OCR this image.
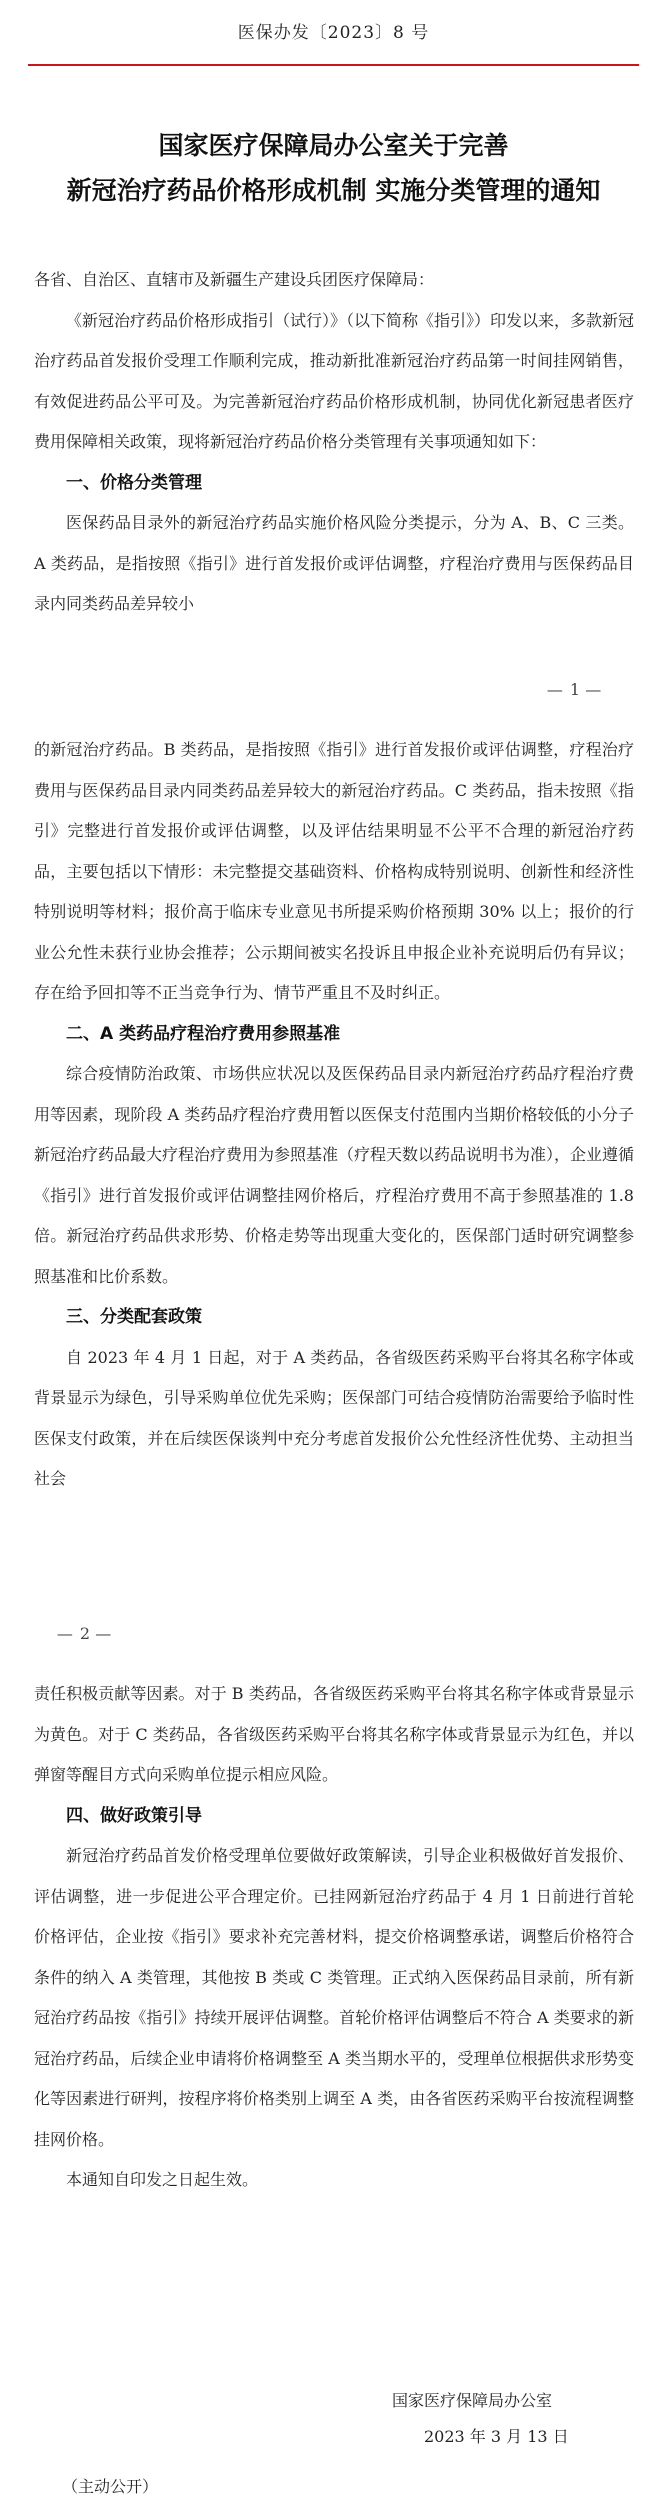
医保办发〔2023〕8 号
国家医疗保障局办公室关于完善
新冠治疗药品价格形成机制 实施分类管理的通知

各省、自治区、直辖市及新疆生产建设兵团医疗保障局：

《新冠治疗药品价格形成指引（试行）》（以下简称《指引》）印发以来，多款新冠治疗药品首发报价受理工作顺利完成，推动新批准新冠治疗药品第一时间挂网销售，有效促进药品公平可及。为完善新冠治疗药品价格形成机制，协同优化新冠患者医疗费用保障相关政策，现将新冠治疗药品价格分类管理有关事项通知如下：

一、价格分类管理

医保药品目录外的新冠治疗药品实施价格风险分类提示，分为 A、B、C 三类。A 类药品，是指按照《指引》进行首发报价或评估调整，疗程治疗费用与医保药品目录内同类药品差异较小

— 1 —

的新冠治疗药品。B 类药品，是指按照《指引》进行首发报价或评估调整，疗程治疗费用与医保药品目录内同类药品差异较大的新冠治疗药品。C 类药品，指未按照《指引》完整进行首发报价或评估调整，以及评估结果明显不公平不合理的新冠治疗药品，主要包括以下情形：未完整提交基础资料、价格构成特别说明、创新性和经济性特别说明等材料；报价高于临床专业意见书所提采购价格预期 30% 以上；报价的行业公允性未获行业协会推荐；公示期间被实名投诉且申报企业补充说明后仍有异议；存在给予回扣等不正当竞争行为、情节严重且不及时纠正。

二、A 类药品疗程治疗费用参照基准

综合疫情防治政策、市场供应状况以及医保药品目录内新冠治疗药品疗程治疗费用等因素，现阶段 A 类药品疗程治疗费用暂以医保支付范围内当期价格较低的小分子新冠治疗药品最大疗程治疗费用为参照基准（疗程天数以药品说明书为准），企业遵循《指引》进行首发报价或评估调整挂网价格后，疗程治疗费用不高于参照基准的 1.8 倍。新冠治疗药品供求形势、价格走势等出现重大变化的，医保部门适时研究调整参照基准和比价系数。

三、分类配套政策

自 2023 年 4 月 1 日起，对于 A 类药品，各省级医药采购平台将其名称字体或背景显示为绿色，引导采购单位优先采购；医保部门可结合疫情防治需要给予临时性医保支付政策，并在后续医保谈判中充分考虑首发报价公允性经济性优势、主动担当社会

— 2 —

责任积极贡献等因素。对于 B 类药品，各省级医药采购平台将其名称字体或背景显示为黄色。对于 C 类药品，各省级医药采购平台将其名称字体或背景显示为红色，并以弹窗等醒目方式向采购单位提示相应风险。

四、做好政策引导

新冠治疗药品首发价格受理单位要做好政策解读，引导企业积极做好首发报价、评估调整，进一步促进公平合理定价。已挂网新冠治疗药品于 4 月 1 日前进行首轮价格评估，企业按《指引》要求补充完善材料，提交价格调整承诺，调整后价格符合条件的纳入 A 类管理，其他按 B 类或 C 类管理。正式纳入医保药品目录前，所有新冠治疗药品按《指引》持续开展评估调整。首轮价格评估调整后不符合 A 类要求的新冠治疗药品，后续企业申请将价格调整至 A 类当期水平的，受理单位根据供求形势变化等因素进行研判，按程序将价格类别上调至 A 类，由各省医药采购平台按流程调整挂网价格。

本通知自印发之日起生效。

国家医疗保障局办公室
2023 年 3 月 13 日
（主动公开）
